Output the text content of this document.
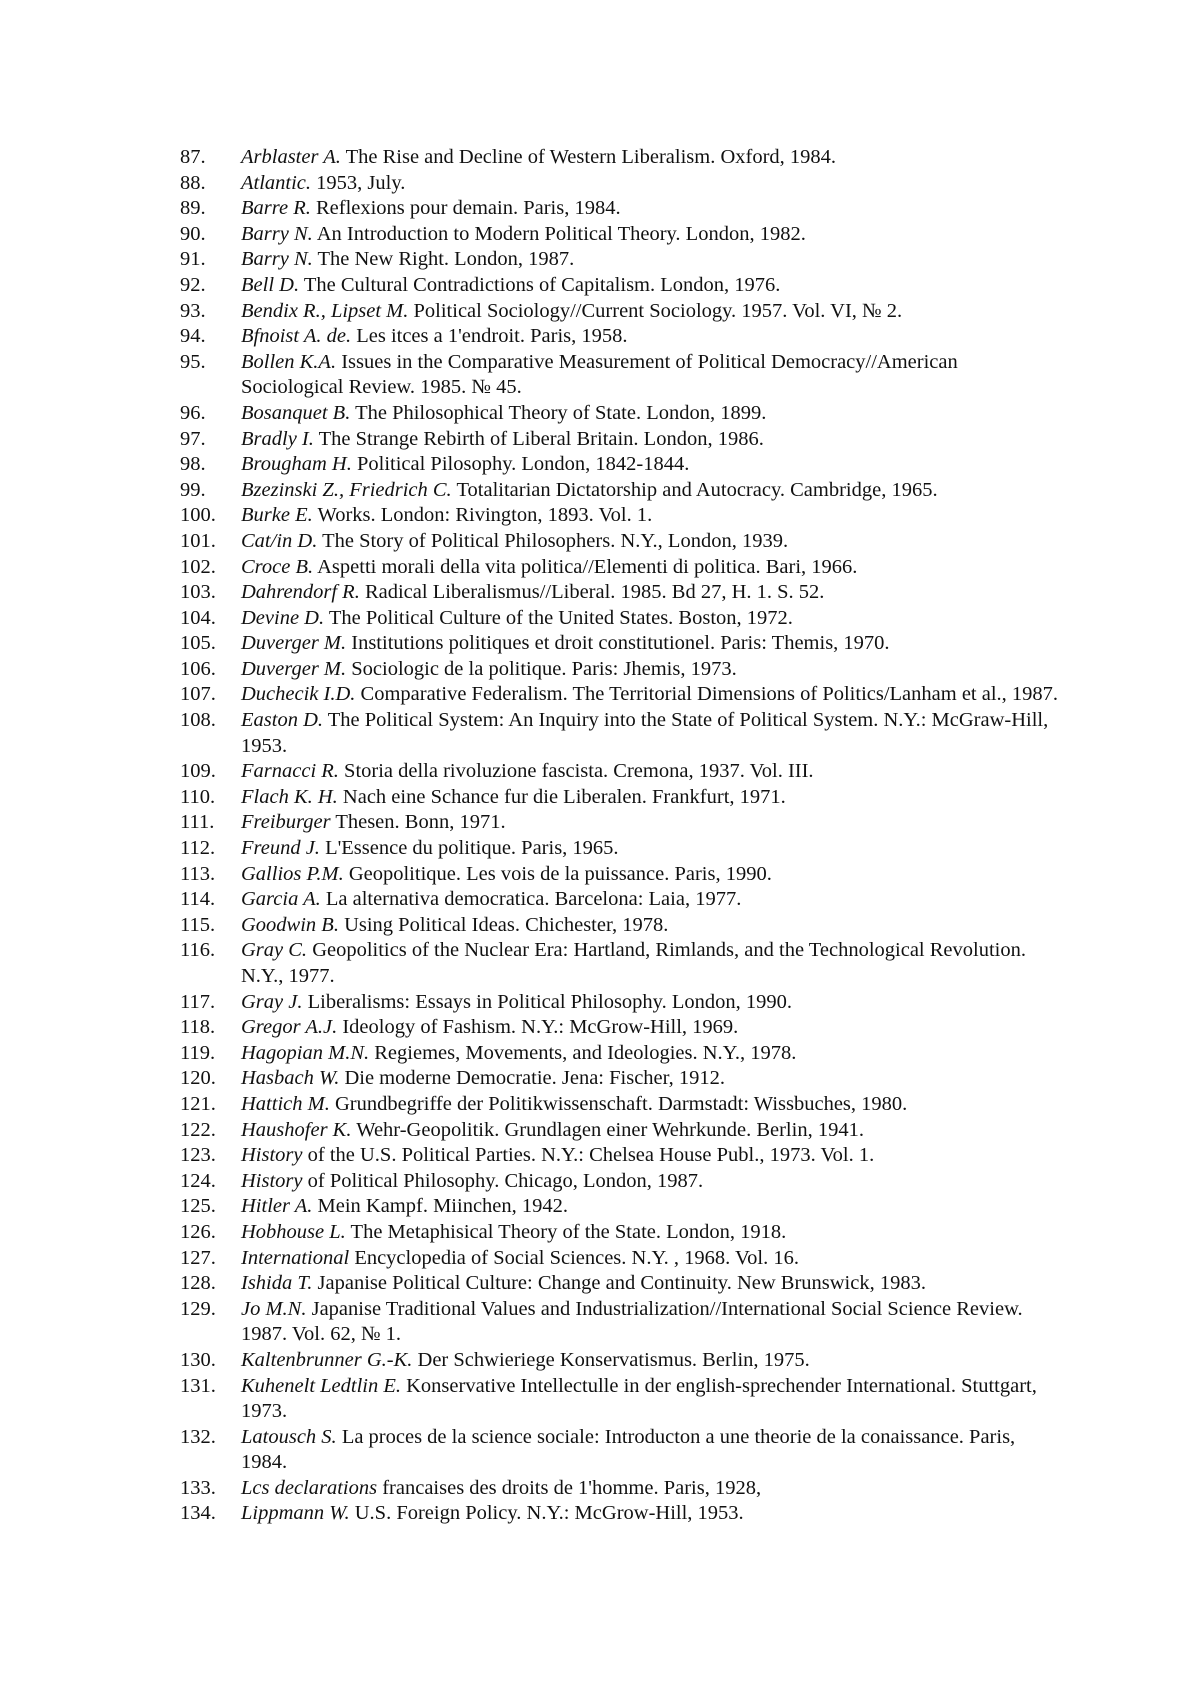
87.	Arblaster A. The Rise and Decline of Western Liberalism. Oxford, 1984.
88.	Atlantic. 1953, July.
89.	Barre R. Reflexions pour demain. Paris, 1984.
90.	Barry N. An Introduction to Modern Political Theory. London, 1982.
91.	Barry N. The New Right. London, 1987.
92.	Bell D. The Cultural Contradictions of Capitalism. London, 1976.
93.	Bendix R., Lipset M. Political Sociology//Current Sociology. 1957. Vol. VI, № 2.
94.	Bfnoist A. de. Les itces a 1'endroit. Paris, 1958.
95.	Bollen K.A. Issues in the Comparative Measurement of Political Democracy//American Sociological Review. 1985. № 45.
96.	Bosanquet B. The Philosophical Theory of State. London, 1899.
97.	Bradly I. The Strange Rebirth of Liberal Britain. London, 1986.
98.	Brougham H. Political Pilosophy. London, 1842-1844.
99.	Bzezinski Z., Friedrich C. Totalitarian Dictatorship and Autocracy. Cambridge, 1965.
100.	Burke E. Works. London: Rivington, 1893. Vol. 1.
101.	Cat/in D. The Story of Political Philosophers. N.Y., London, 1939.
102.	Croce B. Aspetti morali della vita politica//Elementi di politica. Bari, 1966.
103.	Dahrendorf R. Radical Liberalismus//Liberal. 1985. Bd 27, H. 1. S. 52.
104.	Devine D. The Political Culture of the United States. Boston, 1972.
105.	Duverger M. Institutions politiques et droit constitutionel. Paris: Themis, 1970.
106.	Duverger M. Sociologic de la politique. Paris: Jhemis, 1973.
107.	Duchecik I.D. Comparative Federalism. The Territorial Dimensions of Politics/Lanham et al., 1987.
108.	Easton D. The Political System: An Inquiry into the State of Political System. N.Y.: McGraw-Hill, 1953.
109.	Farnacci R. Storia della rivoluzione fascista. Cremona, 1937. Vol. III.
110.	Flach K. H. Nach eine Schance fur die Liberalen. Frankfurt, 1971.
111.	Freiburger Thesen. Bonn, 1971.
112.	Freund J. L'Essence du politique. Paris, 1965.
113.	Gallios P.M. Geopolitique. Les vois de la puissance. Paris, 1990.
114.	Garcia A. La alternativa democratica. Barcelona: Laia, 1977.
115.	Goodwin B. Using Political Ideas. Chichester, 1978.
116.	Gray C. Geopolitics of the Nuclear Era: Hartland, Rimlands, and the Technological Revolution. N.Y., 1977.
117.	Gray J. Liberalisms: Essays in Political Philosophy. London, 1990.
118.	Gregor A.J. Ideology of Fashism. N.Y.: McGrow-Hill, 1969.
119.	Hagopian M.N. Regiemes, Movements, and Ideologies. N.Y., 1978.
120.	Hasbach W. Die moderne Democratie. Jena: Fischer, 1912.
121.	Hattich M. Grundbegriffe der Politikwissenschaft. Darmstadt: Wissbuches, 1980.
122.	Haushofer K. Wehr-Geopolitik. Grundlagen einer Wehrkunde. Berlin, 1941.
123.	History of the U.S. Political Parties. N.Y.: Chelsea House Publ., 1973. Vol. 1.
124.	History of Political Philosophy. Chicago, London, 1987.
125.	Hitler A. Mein Kampf. Miinchen, 1942.
126.	Hobhouse L. The Metaphisical Theory of the State. London, 1918.
127.	International Encyclopedia of Social Sciences. N.Y. , 1968. Vol. 16.
128.	Ishida T. Japanise Political Culture: Change and Continuity. New Brunswick, 1983.
129.	Jo M.N. Japanise Traditional Values and Industrialization//International Social Science Review. 1987. Vol. 62, № 1.
130.	Kaltenbrunner G.-K. Der Schwieriege Konservatismus. Berlin, 1975.
131.	Kuhenelt Ledtlin E. Konservative Intellectulle in der english-sprechender International. Stuttgart, 1973.
132.	Latousch S. La proces de la science sociale: Introducton a une theorie de la conaissance. Paris, 1984.
133.	Lcs declarations francaises des droits de 1'homme. Paris, 1928,
134.	Lippmann W. U.S. Foreign Policy. N.Y.: McGrow-Hill, 1953.
